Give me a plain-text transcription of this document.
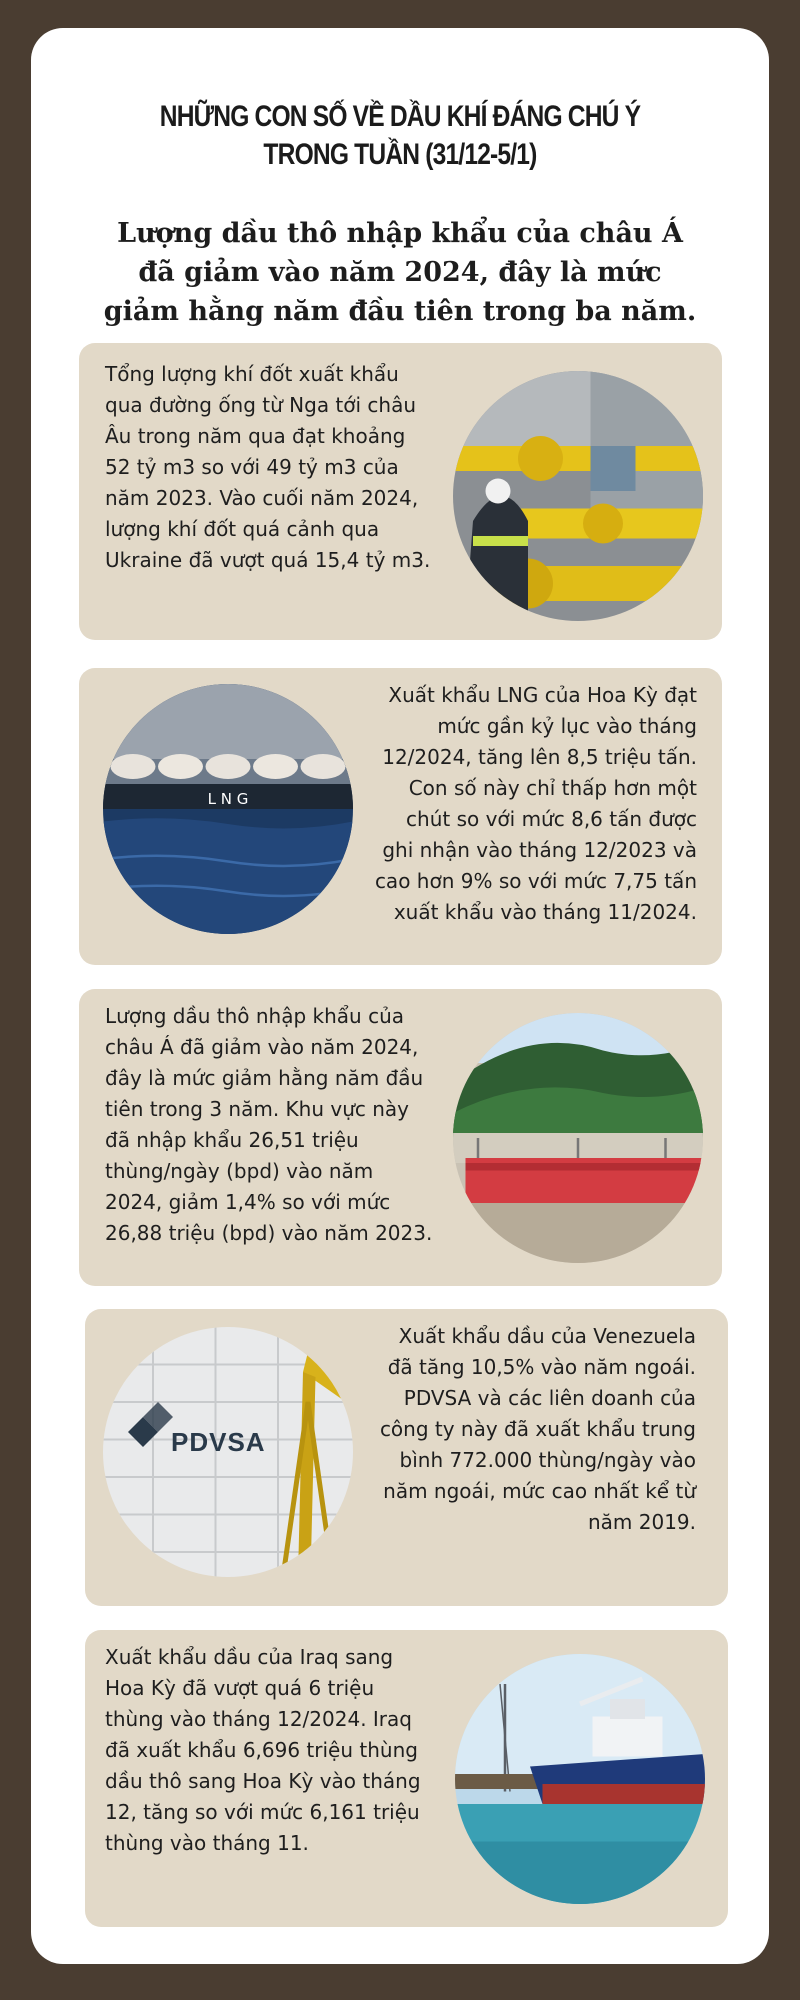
NHỮNG CON SỐ VỀ DẦU KHÍ ĐÁNG CHÚ Ý TRONG TUẦN (31/12-5/1)
Lượng dầu thô nhập khẩu của châu Á đã giảm vào năm 2024, đây là mức giảm hằng năm đầu tiên trong ba năm.

Tổng lượng khí đốt xuất khẩu qua đường ống từ Nga tới châu Âu trong năm qua đạt khoảng 52 tỷ m3 so với 49 tỷ m3 của năm 2023. Vào cuối năm 2024, lượng khí đốt quá cảnh qua Ukraine đã vượt quá 15,4 tỷ m3.

L N G

Xuất khẩu LNG của Hoa Kỳ đạt mức gần kỷ lục vào tháng 12/2024, tăng lên 8,5 triệu tấn. Con số này chỉ thấp hơn một chút so với mức 8,6 tấn được ghi nhận vào tháng 12/2023 và cao hơn 9% so với mức 7,75 tấn xuất khẩu vào tháng 11/2024.

Lượng dầu thô nhập khẩu của châu Á đã giảm vào năm 2024, đây là mức giảm hằng năm đầu tiên trong 3 năm. Khu vực này đã nhập khẩu 26,51 triệu thùng/ngày (bpd) vào năm 2024, giảm 1,4% so với mức 26,88 triệu (bpd) vào năm 2023.

PDVSA

Xuất khẩu dầu của Venezuela đã tăng 10,5% vào năm ngoái. PDVSA và các liên doanh của công ty này đã xuất khẩu trung bình 772.000 thùng/ngày vào năm ngoái, mức cao nhất kể từ năm 2019.

Xuất khẩu dầu của Iraq sang Hoa Kỳ đã vượt quá 6 triệu thùng vào tháng 12/2024. Iraq đã xuất khẩu 6,696 triệu thùng dầu thô sang Hoa Kỳ vào tháng 12, tăng so với mức 6,161 triệu thùng vào tháng 11.
